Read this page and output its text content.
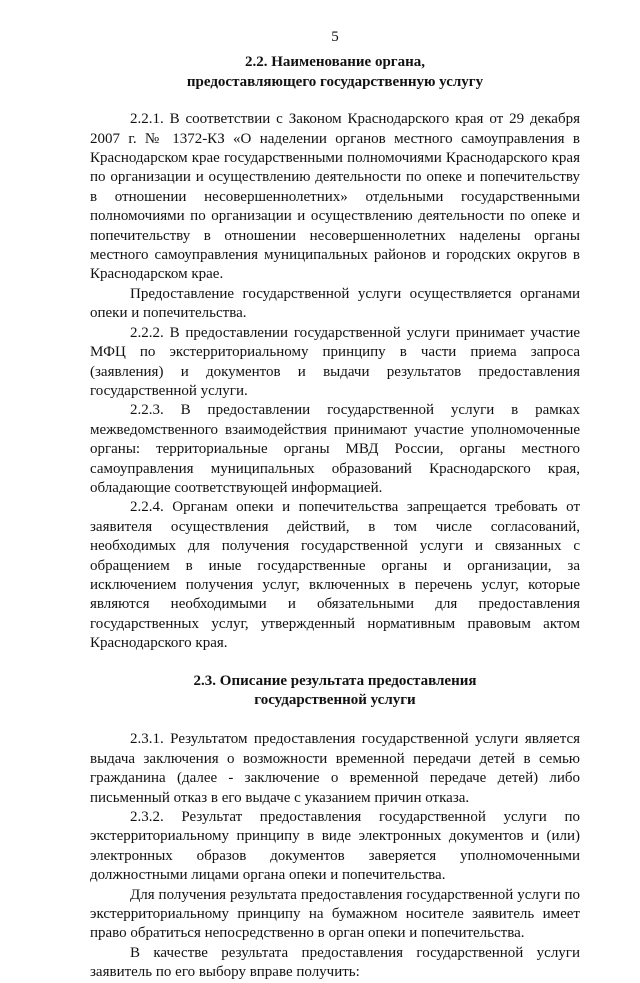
5
2.2. Наименование органа,
предоставляющего государственную услугу

2.2.1. В соответствии с Законом Краснодарского края от 29 декабря 2007 г. № 1372-КЗ «О наделении органов местного самоуправления в Краснодарском крае государственными полномочиями Краснодарского края по организации и осуществлению деятельности по опеке и попечительству в отношении несовершеннолетних» отдельными государственными полномочиями по организации и осуществлению деятельности по опеке и попечительству в отношении несовершеннолетних наделены органы местного самоуправления муниципальных районов и городских округов в Краснодарском крае.

Предоставление государственной услуги осуществляется органами опеки и попечительства.

2.2.2. В предоставлении государственной услуги принимает участие МФЦ по экстерриториальному принципу в части приема запроса (заявления) и документов и выдачи результатов предоставления государственной услуги.

2.2.3. В предоставлении государственной услуги в рамках межведомственного взаимодействия принимают участие уполномоченные органы: территориальные органы МВД России, органы местного самоуправления муниципальных образований Краснодарского края, обладающие соответствующей информацией.

2.2.4. Органам опеки и попечительства запрещается требовать от заявителя осуществления действий, в том числе согласований, необходимых для получения государственной услуги и связанных с обращением в иные государственные органы и организации, за исключением получения услуг, включенных в перечень услуг, которые являются необходимыми и обязательными для предоставления государственных услуг, утвержденный нормативным правовым актом Краснодарского края.

2.3. Описание результата предоставления
государственной услуги

2.3.1. Результатом предоставления государственной услуги является выдача заключения о возможности временной передачи детей в семью гражданина (далее - заключение о временной передаче детей) либо письменный отказ в его выдаче с указанием причин отказа.

2.3.2. Результат предоставления государственной услуги по экстерриториальному принципу в виде электронных документов и (или) электронных образов документов заверяется уполномоченными должностными лицами органа опеки и попечительства.

Для получения результата предоставления государственной услуги по экстерриториальному принципу на бумажном носителе заявитель имеет право обратиться непосредственно в орган опеки и попечительства.

В качестве результата предоставления государственной услуги заявитель по его выбору вправе получить:
